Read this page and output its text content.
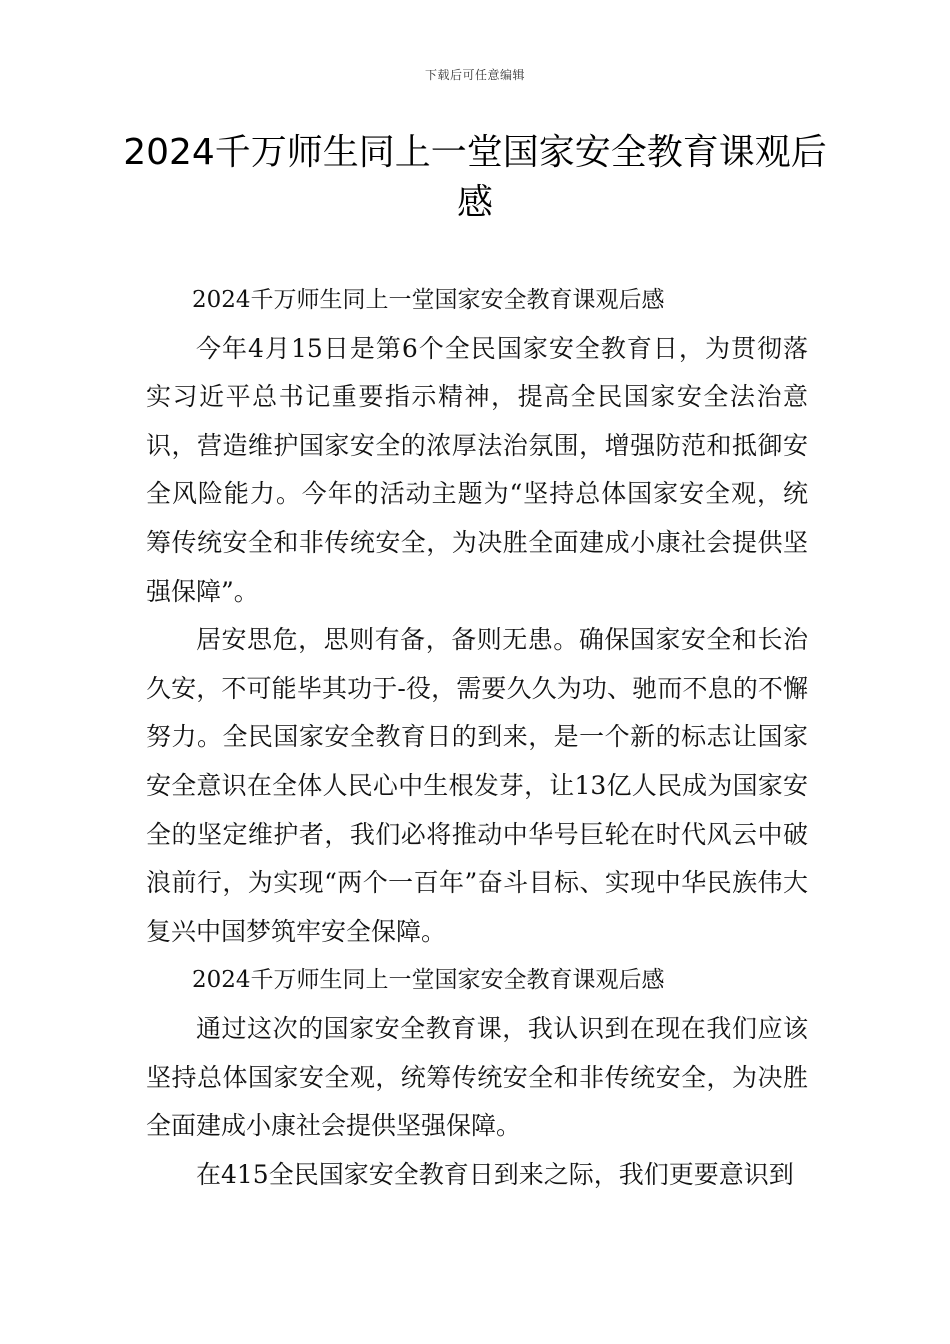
下载后可任意编辑
2024千万师生同上一堂国家安全教育课观后感

2024千万师生同上一堂国家安全教育课观后感

今年4月15日是第6个全民国家安全教育日，为贯彻落实习近平总书记重要指示精神，提高全民国家安全法治意识，营造维护国家安全的浓厚法治氛围，增强防范和抵御安全风险能力。今年的活动主题为“坚持总体国家安全观，统筹传统安全和非传统安全，为决胜全面建成小康社会提供坚强保障”。

居安思危，思则有备，备则无患。确保国家安全和长治久安，不可能毕其功于-役，需要久久为功、驰而不息的不懈努力。全民国家安全教育日的到来，是一个新的标志让国家安全意识在全体人民心中生根发芽，让13亿人民成为国家安全的坚定维护者，我们必将推动中华号巨轮在时代风云中破浪前行，为实现“两个一百年”奋斗目标、实现中华民族伟大复兴中国梦筑牢安全保障。

2024千万师生同上一堂国家安全教育课观后感

通过这次的国家安全教育课，我认识到在现在我们应该坚持总体国家安全观，统筹传统安全和非传统安全，为决胜全面建成小康社会提供坚强保障。

在415全民国家安全教育日到来之际，我们更要意识到
